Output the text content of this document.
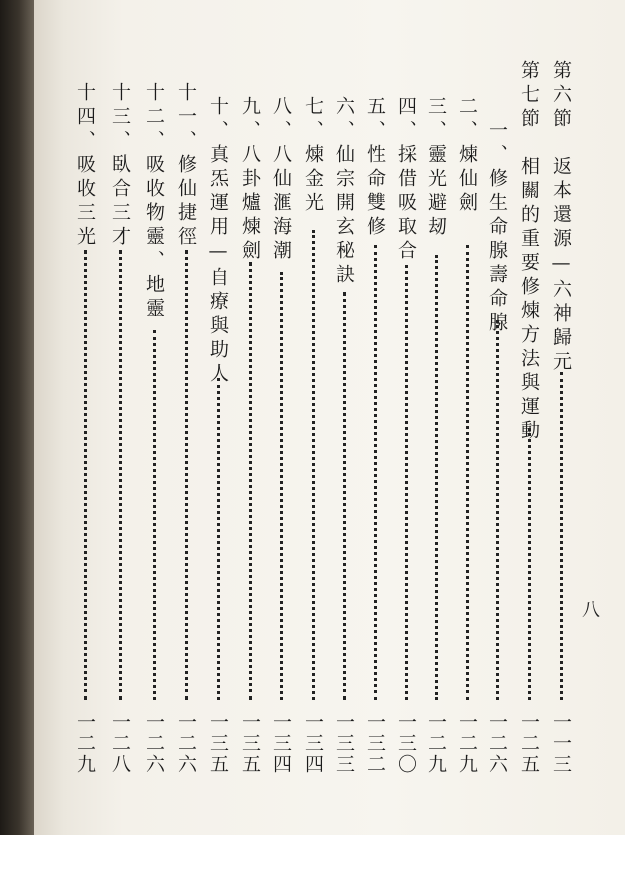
第六節　返本還源—六神歸元
一一三
第七節　相關的重要修煉方法與運動
一二五
　一、修生命腺壽命腺
一二六
二、煉仙劍
一二九
三、靈光避刼
一二九
四、採借吸取合
一三〇
五、性命雙修
一三二
六、仙宗開玄秘訣
一三三
七、煉金光
一三四
八、八仙滙海潮
一三四
九、八卦爐煉劍
一三五
十、真炁運用—自療與助人
一三五
十一、修仙捷徑
一二六
十二、吸收物靈、地靈
一二六
十三、臥合三才
一二八
十四、吸收三光
一二九
八
